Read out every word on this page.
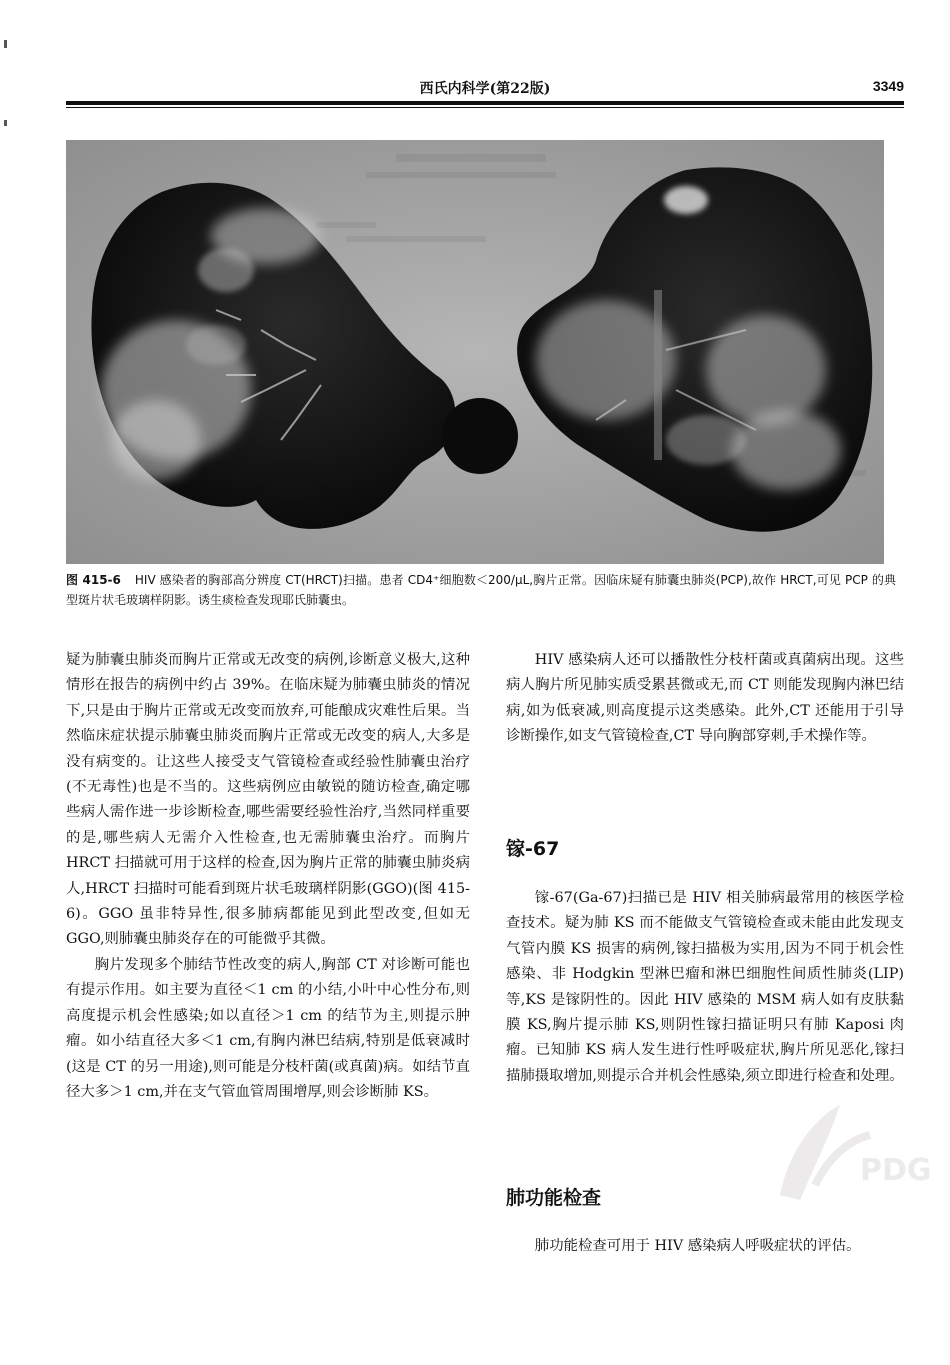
西氏内科学(第22版)	3349
图 415-6 HIV 感染者的胸部高分辨度 CT(HRCT)扫描。患者 CD4⁺细胞数＜200/μL,胸片正常。因临床疑有肺囊虫肺炎(PCP),故作 HRCT,可见 PCP 的典型斑片状毛玻璃样阴影。诱生痰检查发现耶氏肺囊虫。

疑为肺囊虫肺炎而胸片正常或无改变的病例,诊断意义极大,这种情形在报告的病例中约占 39%。在临床疑为肺囊虫肺炎的情况下,只是由于胸片正常或无改变而放弃,可能酿成灾难性后果。当然临床症状提示肺囊虫肺炎而胸片正常或无改变的病人,大多是没有病变的。让这些人接受支气管镜检查或经验性肺囊虫治疗(不无毒性)也是不当的。这些病例应由敏锐的随访检查,确定哪些病人需作进一步诊断检查,哪些需要经验性治疗,当然同样重要的是,哪些病人无需介入性检查,也无需肺囊虫治疗。而胸片 HRCT 扫描就可用于这样的检查,因为胸片正常的肺囊虫肺炎病人,HRCT 扫描时可能看到斑片状毛玻璃样阴影(GGO)(图 415-6)。GGO 虽非特异性,很多肺病都能见到此型改变,但如无 GGO,则肺囊虫肺炎存在的可能微乎其微。

胸片发现多个肺结节性改变的病人,胸部 CT 对诊断可能也有提示作用。如主要为直径＜1 cm 的小结,小叶中心性分布,则高度提示机会性感染;如以直径＞1 cm 的结节为主,则提示肿瘤。如小结直径大多＜1 cm,有胸内淋巴结病,特别是低衰减时(这是 CT 的另一用途),则可能是分枝杆菌(或真菌)病。如结节直径大多＞1 cm,并在支气管血管周围增厚,则会诊断肺 KS。

HIV 感染病人还可以播散性分枝杆菌或真菌病出现。这些病人胸片所见肺实质受累甚微或无,而 CT 则能发现胸内淋巴结病,如为低衰减,则高度提示这类感染。此外,CT 还能用于引导诊断操作,如支气管镜检查,CT 导向胸部穿刺,手术操作等。

镓-67

镓-67(Ga-67)扫描已是 HIV 相关肺病最常用的核医学检查技术。疑为肺 KS 而不能做支气管镜检查或未能由此发现支气管内膜 KS 损害的病例,镓扫描极为实用,因为不同于机会性感染、非 Hodgkin 型淋巴瘤和淋巴细胞性间质性肺炎(LIP)等,KS 是镓阴性的。因此 HIV 感染的 MSM 病人如有皮肤黏膜 KS,胸片提示肺 KS,则阴性镓扫描证明只有肺 Kaposi 肉瘤。已知肺 KS 病人发生进行性呼吸症状,胸片所见恶化,镓扫描肺摄取增加,则提示合并机会性感染,须立即进行检查和处理。

肺功能检查

肺功能检查可用于 HIV 感染病人呼吸症状的评估。

PDG
